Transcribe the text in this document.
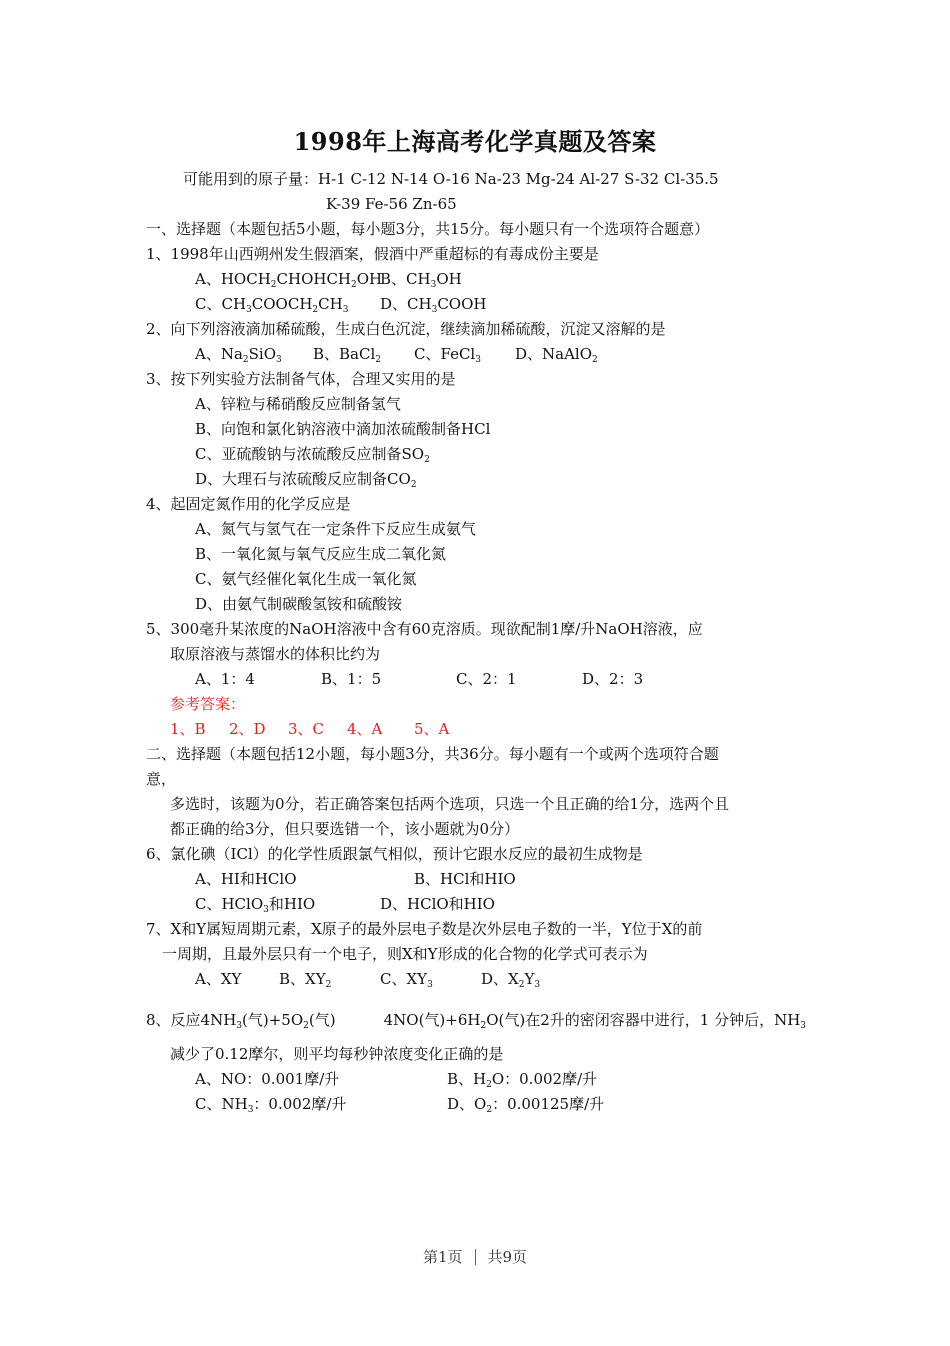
1998年上海高考化学真题及答案
可能用到的原子量：H-1 C-12 N-14 O-16 Na-23 Mg-24 Al-27 S-32 Cl-35.5
K-39 Fe-56 Zn-65
一、选择题（本题包括5小题，每小题3分，共15分。每小题只有一个选项符合题意）
1、1998年山西朔州发生假酒案，假酒中严重超标的有毒成份主要是
A、$HOCH_2CHOHCH_2OH$
B、$CH_3OH$
C、$CH_3COOCH_2CH_3$ D、$CH_3COOH$
2、向下列溶液滴加稀硫酸，生成白色沉淀，继续滴加稀硫酸，沉淀又溶解的是
A、$Na_2SiO_3$ B、BaCl$_2$ C、FeCl$_3$ D、NaAlO$_2$
3、按下列实验方法制备气体，合理又实用的是
A、锌粒与稀硝酸反应制备氢气
B、向饱和氯化钠溶液中滴加浓硫酸制备HCl
C、亚硫酸钠与浓硫酸反应制备$SO_2$
D、大理石与浓硫酸反应制备$CO_2$
4、起固定氮作用的化学反应是
A、氮气与氢气在一定条件下反应生成氨气
B、一氧化氮与氧气反应生成二氧化氮
C、氨气经催化氧化生成一氧化氮
D、由氨气制碳酸氢铵和硫酸铵
5、300毫升某浓度的NaOH溶液中含有60克溶质。现欲配制1摩/升NaOH溶液，应
取原溶液与蒸馏水的体积比约为
A、1：4	B、1：5	C、2：1	D、2：3
参考答案：
1、B 2、D 3、C 4、A 5、A
二、选择题（本题包括12小题，每小题3分，共36分。每小题有一个或两个选项符合题
意，
多选时，该题为0分，若正确答案包括两个选项，只选一个且正确的给1分，选两个且
都正确的给3分，但只要选错一个，该小题就为0分）
6、氯化碘（ICl）的化学性质跟氯气相似，预计它跟水反应的最初生成物是
A、HI和HClO	B、HCl和HIO
C、HClO$_3$和HIO	D、HClO和HIO
7、X和Y属短周期元素，X原子的最外层电子数是次外层电子数的一半，Y位于X的前
一周期，且最外层只有一个电子，则X和Y形成的化合物的化学式可表示为
A、XY	B、$XY_2$	C、$XY_3$	D、$X_2Y_3$
8、反应$4NH_3$(气)$+5O_2$(气)	4NO(气)$+6H_2O$(气)在2升的密闭容器中进行，1 分钟后，$NH_3$
减少了0.12摩尔，则平均每秒钟浓度变化正确的是
A、NO：0.001摩/升	B、$H_2O$：0.002摩/升
C、$NH_3$：0.002摩/升	D、$O_2$：0.00125摩/升
第1页 共9页
